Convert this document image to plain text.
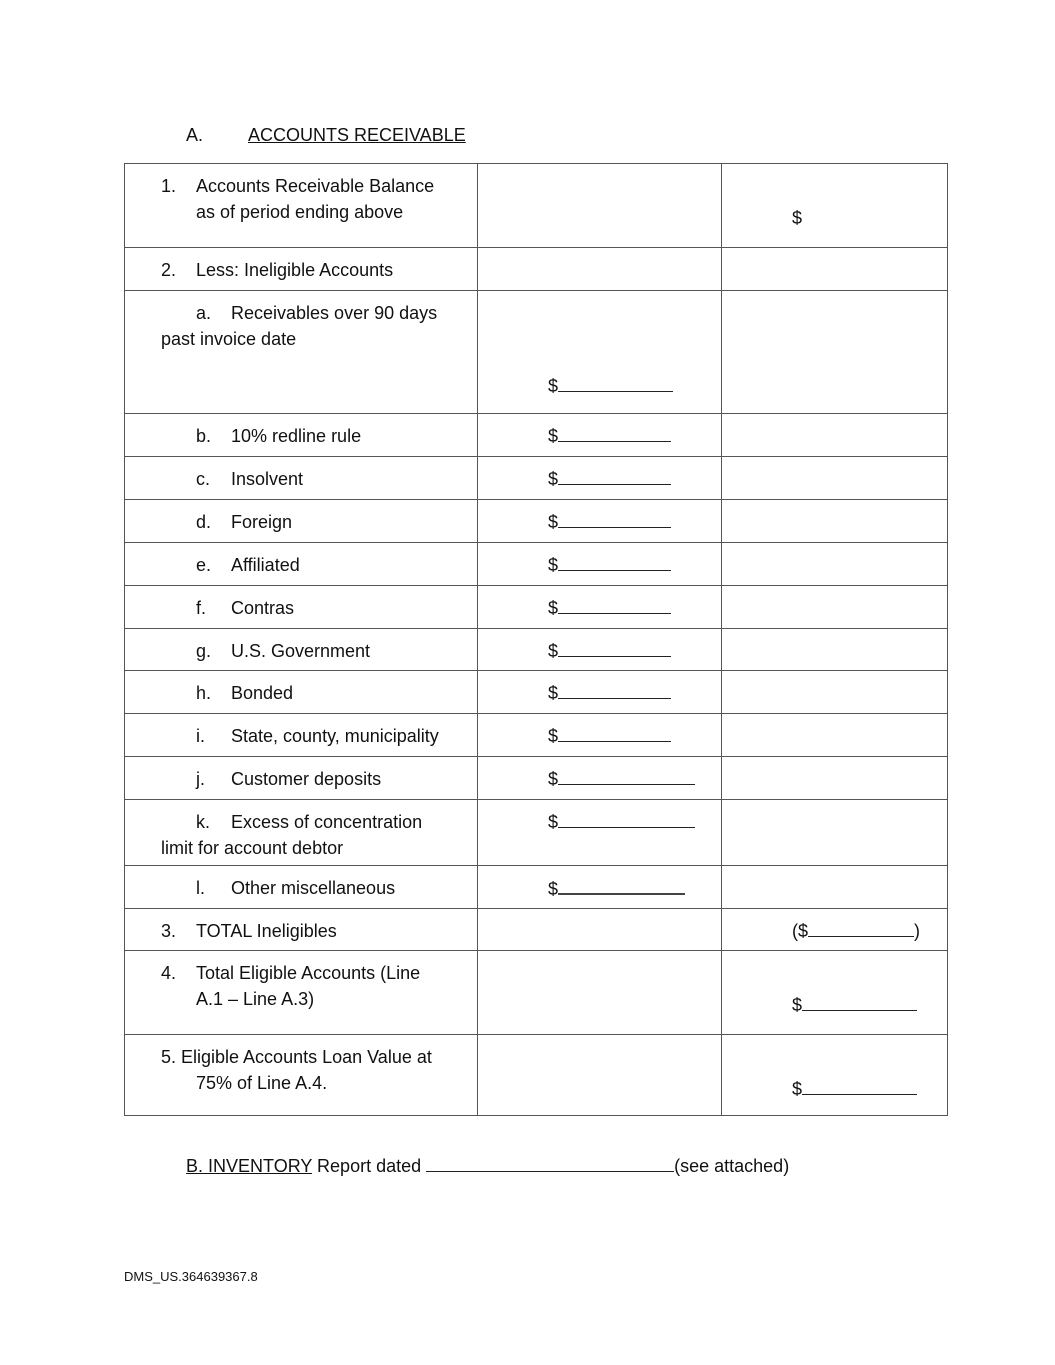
A. ACCOUNTS RECEIVABLE
1. Accounts Receivable Balance
as of period ending above		$

2. Less: Ineligible Accounts		

a. Receivables over 90 days
past invoice date	$	

b. 10% redline rule	$	

c. Insolvent	$	

d. Foreign	$	

e. Affiliated	$	

f. Contras	$	

g. U.S. Government	$	

h. Bonded	$	

i. State, county, municipality	$	

j. Customer deposits	$	

k. Excess of concentration
limit for account debtor	$	

l. Other miscellaneous	$	

3. TOTAL Ineligibles		($ )

4. Total Eligible Accounts (Line
A.1 – Line A.3)		$

5. Eligible Accounts Loan Value at
75% of Line A.4.		$
B. INVENTORY Report dated	(see attached)
DMS_US.364639367.8
